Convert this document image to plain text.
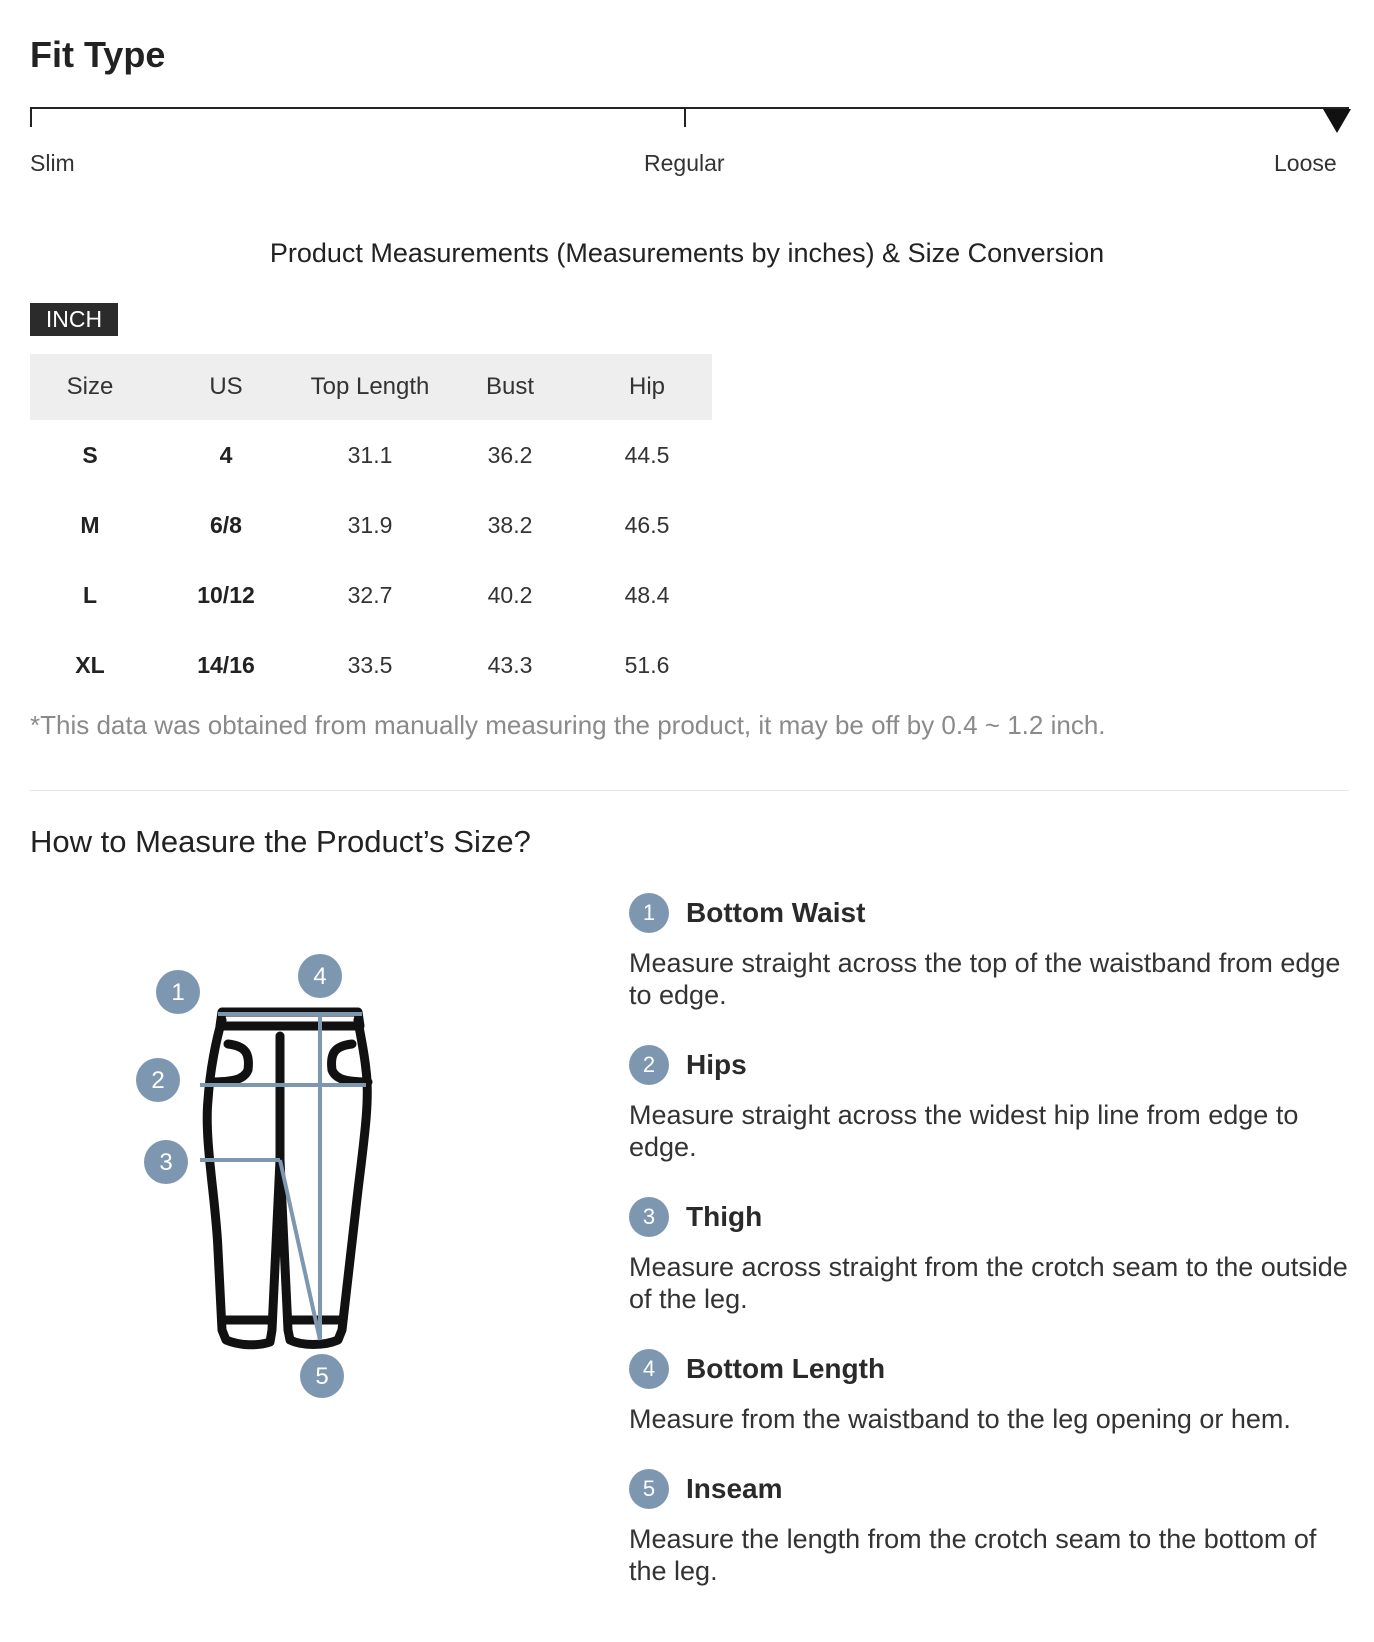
Fit Type
Slim	Regular	Loose
Product Measurements (Measurements by inches) & Size Conversion
INCH
Size	US	Top Length	Bust	Hip
S	4	31.1	36.2	44.5
M	6/8	31.9	38.2	46.5
L	10/12	32.7	40.2	48.4
XL	14/16	33.5	43.3	51.6
*This data was obtained from manually measuring the product, it may be off by 0.4 ~ 1.2 inch.
How to Measure the Product’s Size?
1
4
2
3
5
1	Bottom Waist
Measure straight across the top of the waistband from edge to edge.
2	Hips
Measure straight across the widest hip line from edge to edge.
3	Thigh
Measure across straight from the crotch seam to the outside of the leg.
4	Bottom Length
Measure from the waistband to the leg opening or hem.
5	Inseam
Measure the length from the crotch seam to the bottom of the leg.
